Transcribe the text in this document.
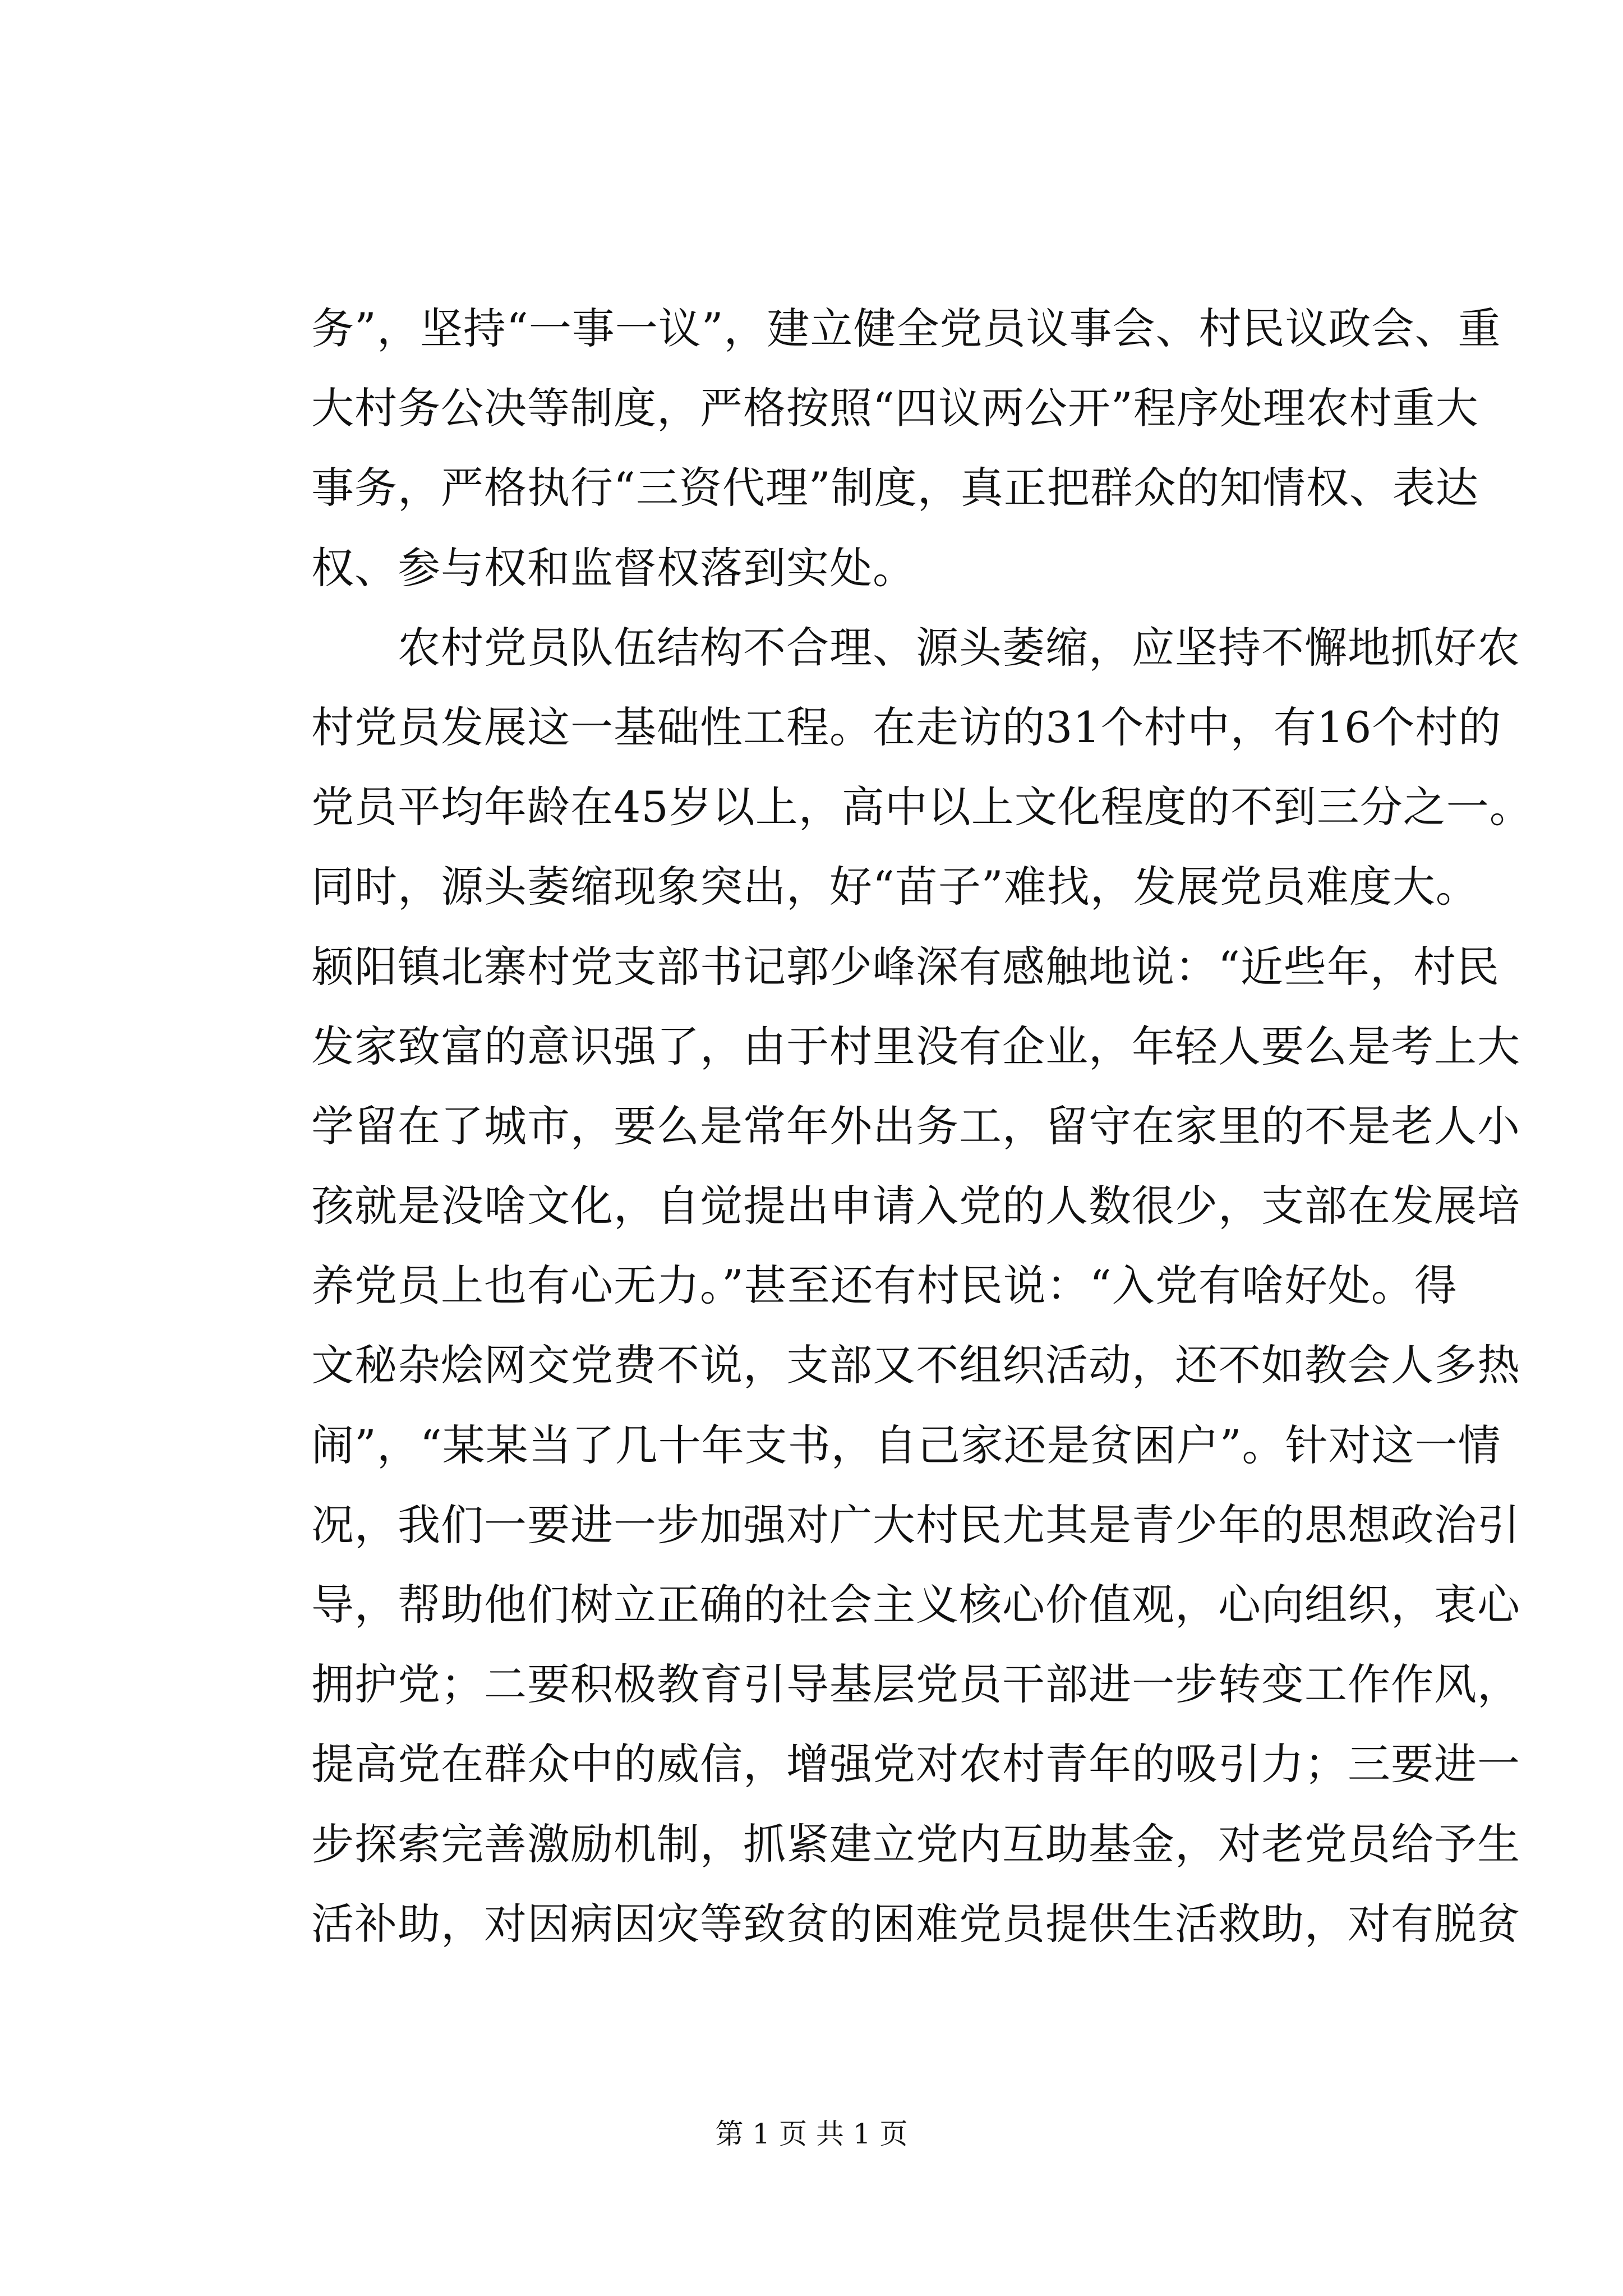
务”，坚持“一事一议”，建立健全党员议事会、村民议政会、重
大村务公决等制度，严格按照“四议两公开”程序处理农村重大
事务，严格执行“三资代理”制度，真正把群众的知情权、表达
权、参与权和监督权落到实处。
　　农村党员队伍结构不合理、源头萎缩，应坚持不懈地抓好农
村党员发展这一基础性工程。在走访的31个村中，有16个村的
党员平均年龄在45岁以上，高中以上文化程度的不到三分之一。
同时，源头萎缩现象突出，好“苗子”难找，发展党员难度大。
颍阳镇北寨村党支部书记郭少峰深有感触地说：“近些年，村民
发家致富的意识强了，由于村里没有企业，年轻人要么是考上大
学留在了城市，要么是常年外出务工，留守在家里的不是老人小
孩就是没啥文化，自觉提出申请入党的人数很少，支部在发展培
养党员上也有心无力。”甚至还有村民说：“入党有啥好处。得
文秘杂烩网交党费不说，支部又不组织活动，还不如教会人多热
闹”，“某某当了几十年支书，自己家还是贫困户”。针对这一情
况，我们一要进一步加强对广大村民尤其是青少年的思想政治引
导，帮助他们树立正确的社会主义核心价值观，心向组织，衷心
拥护党；二要积极教育引导基层党员干部进一步转变工作作风，
提高党在群众中的威信，增强党对农村青年的吸引力；三要进一
步探索完善激励机制，抓紧建立党内互助基金，对老党员给予生
活补助，对因病因灾等致贫的困难党员提供生活救助，对有脱贫
第 1 页 共 1 页
